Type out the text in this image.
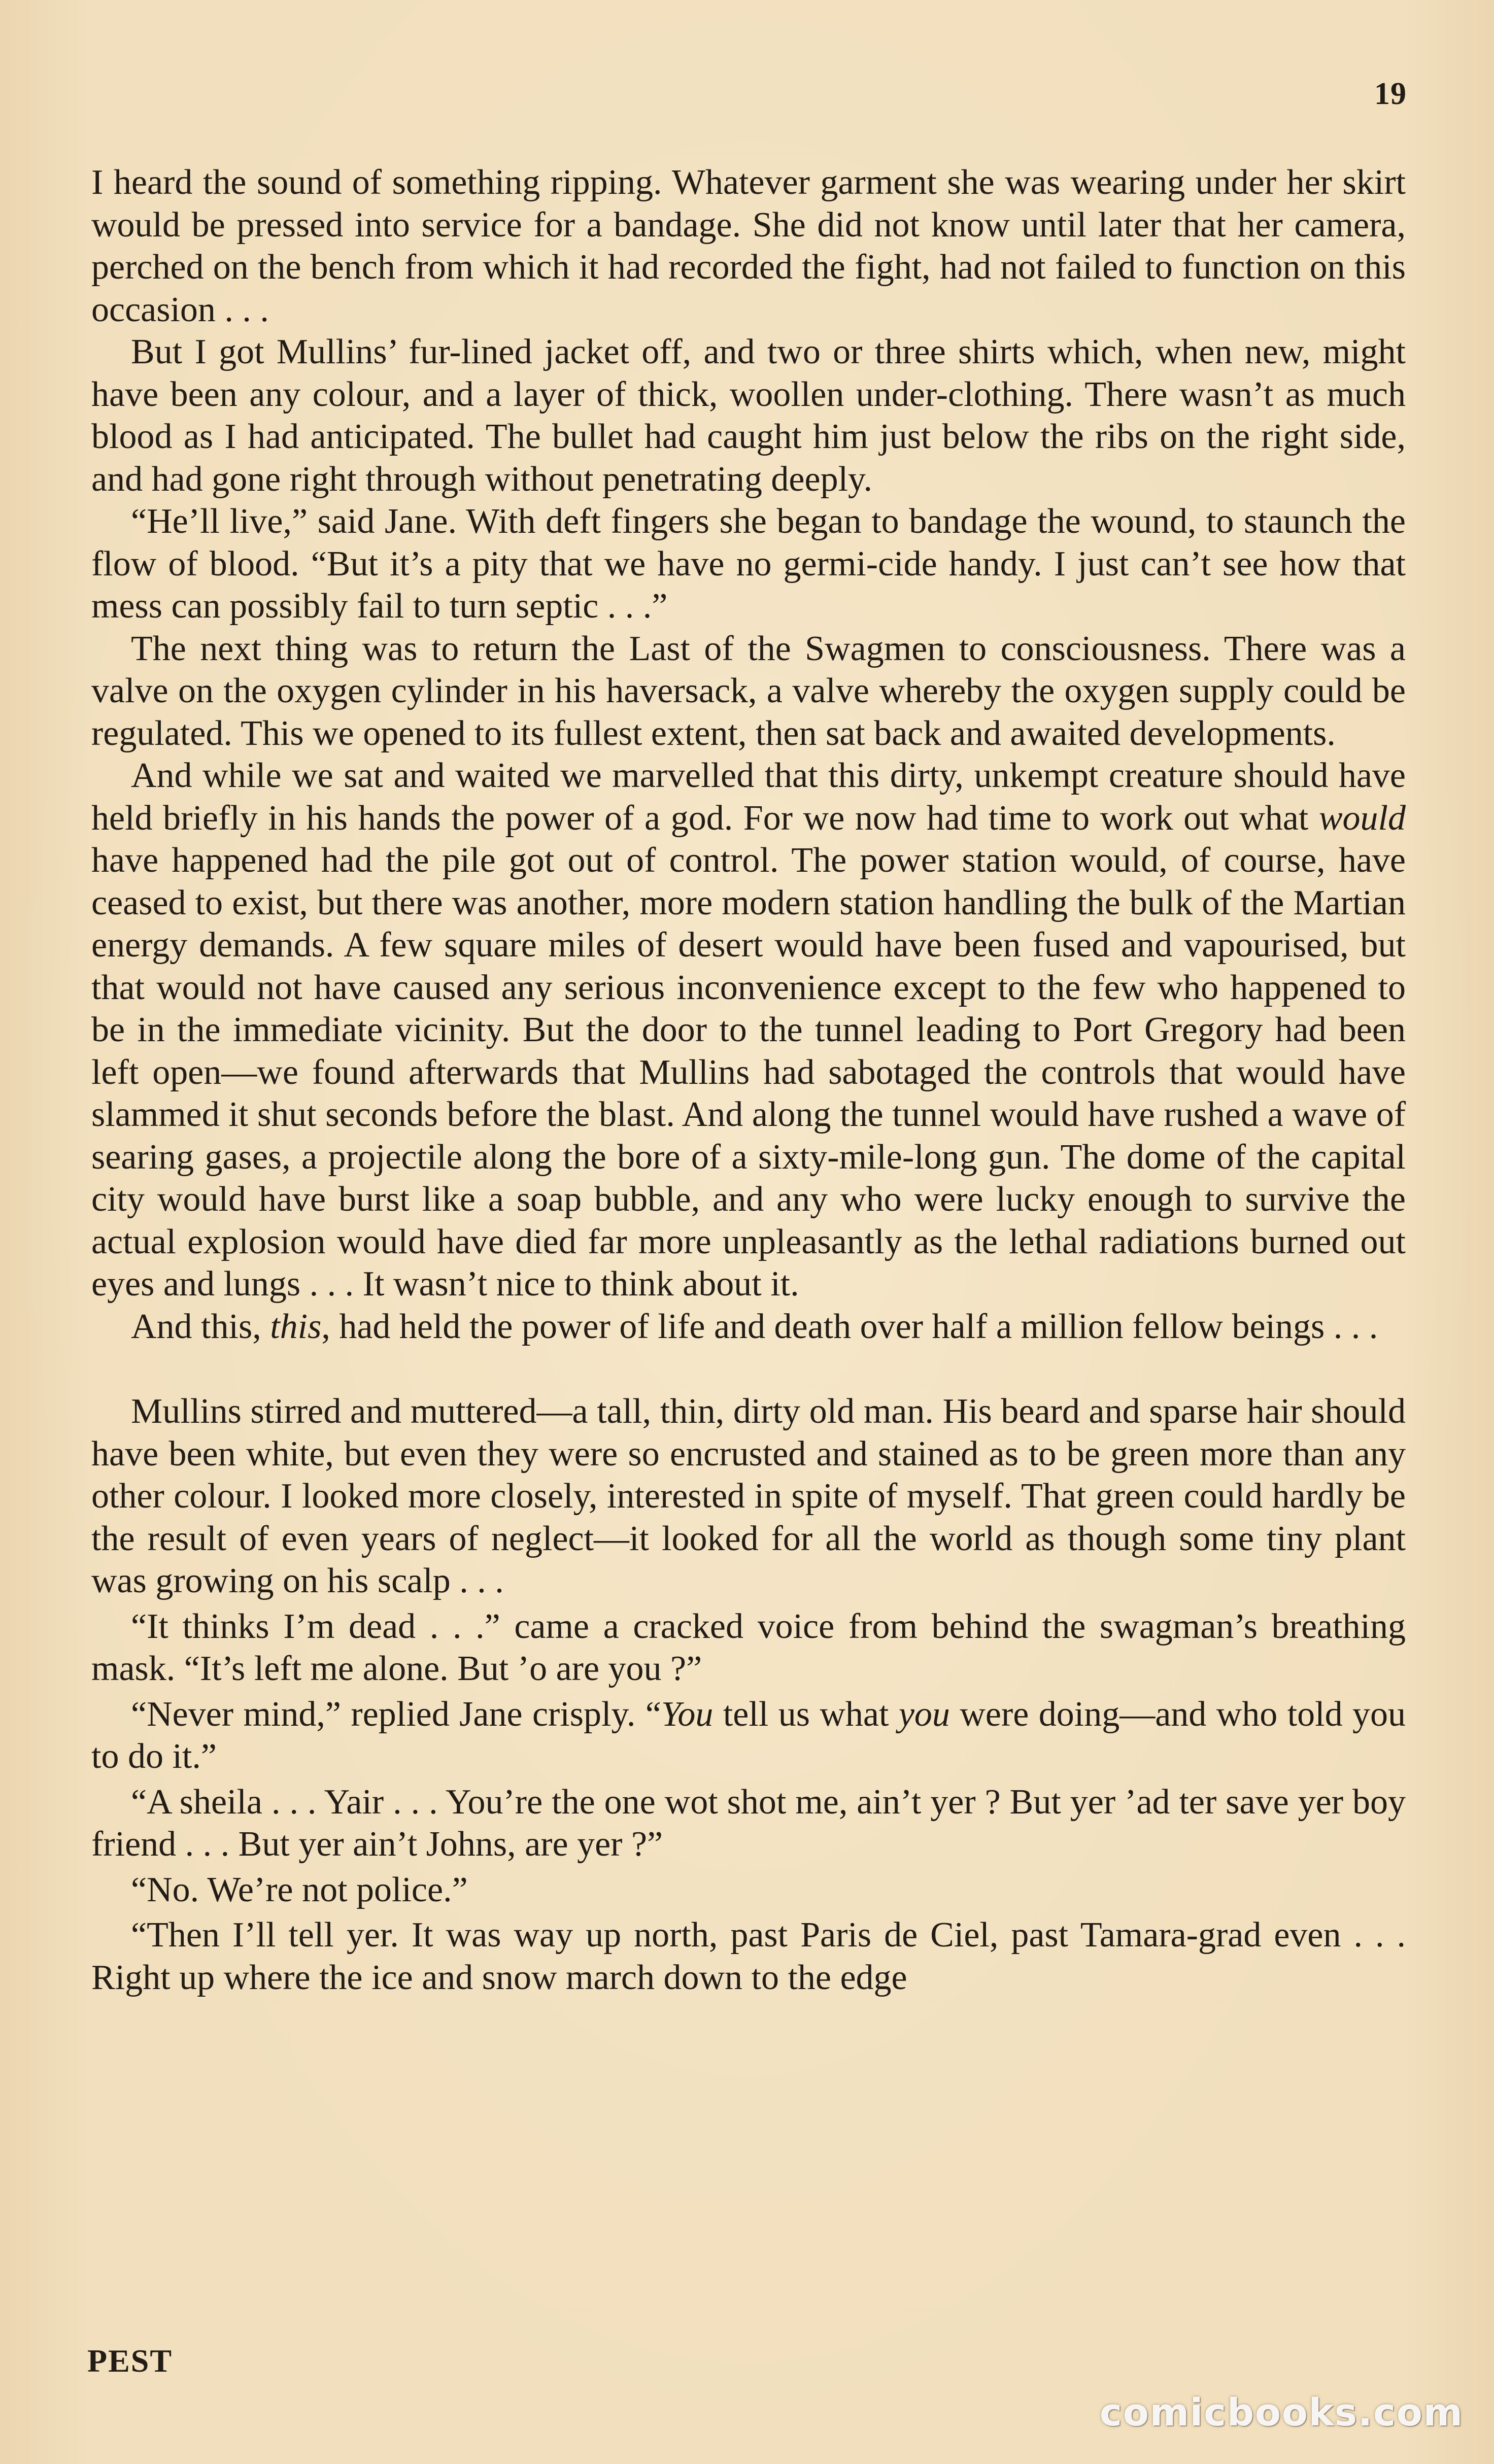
19

I heard the sound of something ripping. Whatever garment she was wearing under her skirt would be pressed into service for a bandage. She did not know until later that her camera, perched on the bench from which it had recorded the fight, had not failed to function on this occasion . . .

But I got Mullins’ fur-lined jacket off, and two or three shirts which, when new, might have been any colour, and a layer of thick, woollen under-clothing. There wasn’t as much blood as I had anticipated. The bullet had caught him just below the ribs on the right side, and had gone right through without penetrating deeply.

“He’ll live,” said Jane. With deft fingers she began to bandage the wound, to staunch the flow of blood. “But it’s a pity that we have no germi-cide handy. I just can’t see how that mess can possibly fail to turn septic . . .”

The next thing was to return the Last of the Swagmen to consciousness. There was a valve on the oxygen cylinder in his haversack, a valve whereby the oxygen supply could be regulated. This we opened to its fullest extent, then sat back and awaited developments.

And while we sat and waited we marvelled that this dirty, unkempt creature should have held briefly in his hands the power of a god. For we now had time to work out what would have happened had the pile got out of control. The power station would, of course, have ceased to exist, but there was another, more modern station handling the bulk of the Martian energy demands. A few square miles of desert would have been fused and vapourised, but that would not have caused any serious inconvenience except to the few who happened to be in the immediate vicinity. But the door to the tunnel leading to Port Gregory had been left open—we found afterwards that Mullins had sabotaged the controls that would have slammed it shut seconds before the blast. And along the tunnel would have rushed a wave of searing gases, a projectile along the bore of a sixty-mile-long gun. The dome of the capital city would have burst like a soap bubble, and any who were lucky enough to survive the actual explosion would have died far more unpleasantly as the lethal radiations burned out eyes and lungs . . . It wasn’t nice to think about it.

And this, this, had held the power of life and death over half a million fellow beings . . .

Mullins stirred and muttered—a tall, thin, dirty old man. His beard and sparse hair should have been white, but even they were so encrusted and stained as to be green more than any other colour. I looked more closely, interested in spite of myself. That green could hardly be the result of even years of neglect—it looked for all the world as though some tiny plant was growing on his scalp . . .

“It thinks I’m dead . . .” came a cracked voice from behind the swagman’s breathing mask. “It’s left me alone. But ’o are you ?”

“Never mind,” replied Jane crisply. “You tell us what you were doing—and who told you to do it.”

“A sheila . . . Yair . . . You’re the one wot shot me, ain’t yer ? But yer ’ad ter save yer boy friend . . . But yer ain’t Johns, are yer ?”

“No. We’re not police.”

“Then I’ll tell yer. It was way up north, past Paris de Ciel, past Tamara-grad even . . . Right up where the ice and snow march down to the edge

PEST
comicbooks.com
